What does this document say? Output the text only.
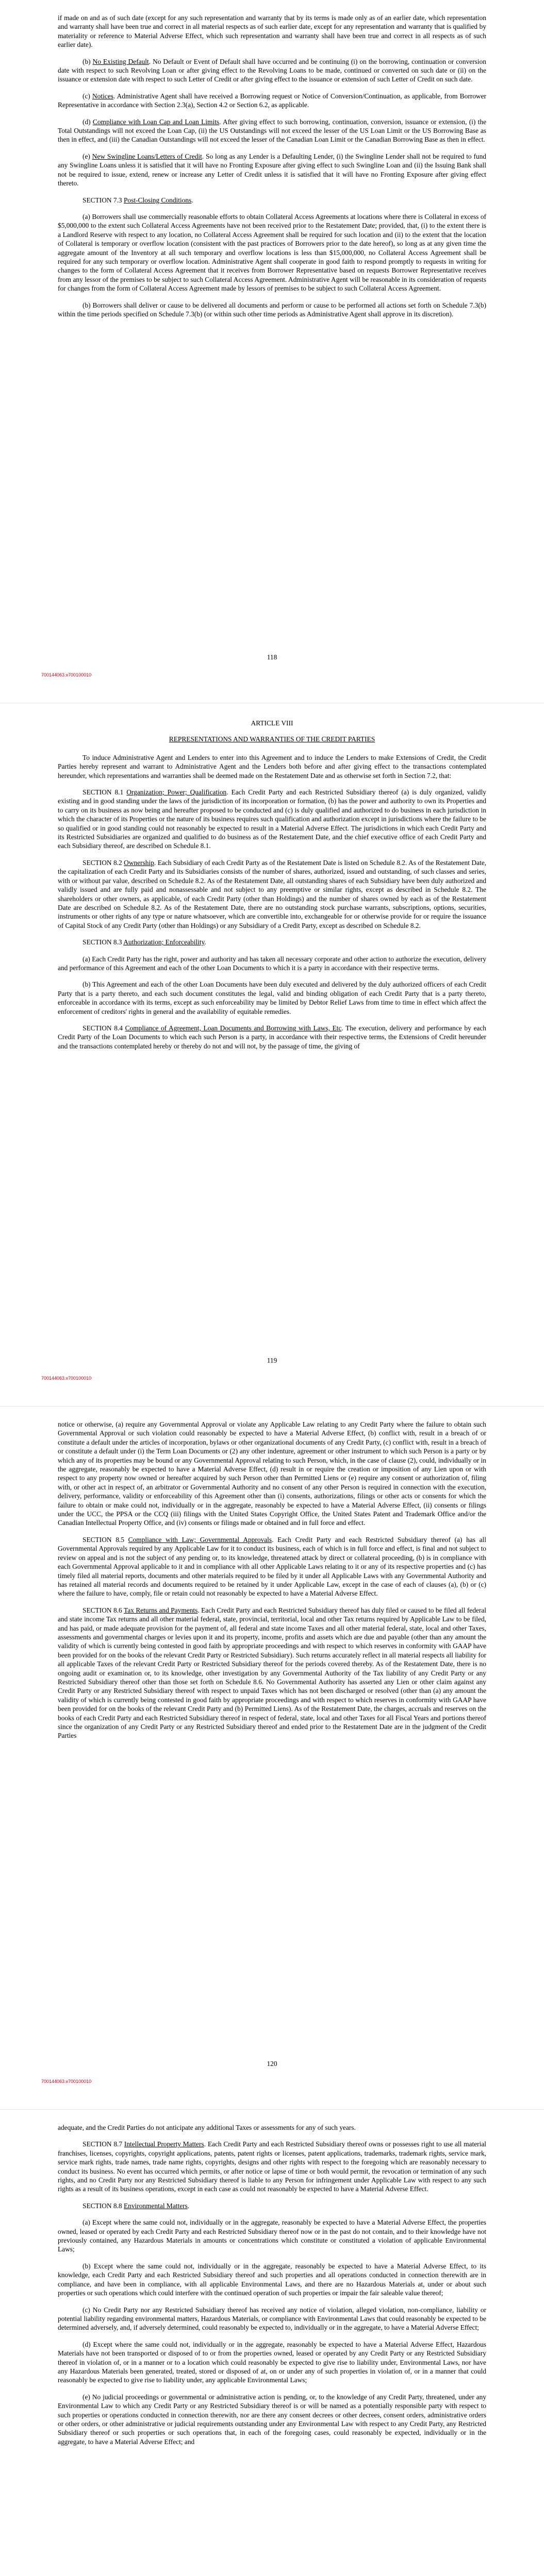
if made on and as of such date (except for any such representation and warranty that by its terms is made only as of an earlier date, which representation and warranty shall have been true and correct in all material respects as of such earlier date, except for any representation and warranty that is qualified by materiality or reference to Material Adverse Effect, which such representation and warranty shall have been true and correct in all respects as of such earlier date).

(b) No Existing Default. No Default or Event of Default shall have occurred and be continuing (i) on the borrowing, continuation or conversion date with respect to such Revolving Loan or after giving effect to the Revolving Loans to be made, continued or converted on such date or (ii) on the issuance or extension date with respect to such Letter of Credit or after giving effect to the issuance or extension of such Letter of Credit on such date.

(c) Notices. Administrative Agent shall have received a Borrowing request or Notice of Conversion/Continuation, as applicable, from Borrower Representative in accordance with Section 2.3(a), Section 4.2 or Section 6.2, as applicable.

(d) Compliance with Loan Cap and Loan Limits. After giving effect to such borrowing, continuation, conversion, issuance or extension, (i) the Total Outstandings will not exceed the Loan Cap, (ii) the US Outstandings will not exceed the lesser of the US Loan Limit or the US Borrowing Base as then in effect, and (iii) the Canadian Outstandings will not exceed the lesser of the Canadian Loan Limit or the Canadian Borrowing Base as then in effect.

(e) New Swingline Loans/Letters of Credit. So long as any Lender is a Defaulting Lender, (i) the Swingline Lender shall not be required to fund any Swingline Loans unless it is satisfied that it will have no Fronting Exposure after giving effect to such Swingline Loan and (ii) the Issuing Bank shall not be required to issue, extend, renew or increase any Letter of Credit unless it is satisfied that it will have no Fronting Exposure after giving effect thereto.

SECTION 7.3 Post-Closing Conditions.

(a) Borrowers shall use commercially reasonable efforts to obtain Collateral Access Agreements at locations where there is Collateral in excess of $5,000,000 to the extent such Collateral Access Agreements have not been received prior to the Restatement Date; provided, that, (i) to the extent there is a Landlord Reserve with respect to any location, no Collateral Access Agreement shall be required for such location and (ii) to the extent that the location of Collateral is temporary or overflow location (consistent with the past practices of Borrowers prior to the date hereof), so long as at any given time the aggregate amount of the Inventory at all such temporary and overflow locations is less than $15,000,000, no Collateral Access Agreement shall be required for any such temporary or overflow location. Administrative Agent shall cooperate in good faith to respond promptly to requests in writing for changes to the form of Collateral Access Agreement that it receives from Borrower Representative based on requests Borrower Representative receives from any lessor of the premises to be subject to such Collateral Access Agreement. Administrative Agent will be reasonable in its consideration of requests for changes from the form of Collateral Access Agreement made by lessors of premises to be subject to such Collateral Access Agreement.

(b) Borrowers shall deliver or cause to be delivered all documents and perform or cause to be performed all actions set forth on Schedule 7.3(b) within the time periods specified on Schedule 7.3(b) (or within such other time periods as Administrative Agent shall approve in its discretion).

ARTICLE VIII
REPRESENTATIONS AND WARRANTIES OF THE CREDIT PARTIES

To induce Administrative Agent and Lenders to enter into this Agreement and to induce the Lenders to make Extensions of Credit, the Credit Parties hereby represent and warrant to Administrative Agent and the Lenders both before and after giving effect to the transactions contemplated hereunder, which representations and warranties shall be deemed made on the Restatement Date and as otherwise set forth in Section 7.2, that:

SECTION 8.1 Organization; Power; Qualification. Each Credit Party and each Restricted Subsidiary thereof (a) is duly organized, validly existing and in good standing under the laws of the jurisdiction of its incorporation or formation, (b) has the power and authority to own its Properties and to carry on its business as now being and hereafter proposed to be conducted and (c) is duly qualified and authorized to do business in each jurisdiction in which the character of its Properties or the nature of its business requires such qualification and authorization except in jurisdictions where the failure to be so qualified or in good standing could not reasonably be expected to result in a Material Adverse Effect. The jurisdictions in which each Credit Party and its Restricted Subsidiaries are organized and qualified to do business as of the Restatement Date, and the chief executive office of each Credit Party and each Subsidiary thereof, are described on Schedule 8.1.

SECTION 8.2 Ownership. Each Subsidiary of each Credit Party as of the Restatement Date is listed on Schedule 8.2. As of the Restatement Date, the capitalization of each Credit Party and its Subsidiaries consists of the number of shares, authorized, issued and outstanding, of such classes and series, with or without par value, described on Schedule 8.2. As of the Restatement Date, all outstanding shares of each Subsidiary have been duly authorized and validly issued and are fully paid and nonassessable and not subject to any preemptive or similar rights, except as described in Schedule 8.2. The shareholders or other owners, as applicable, of each Credit Party (other than Holdings) and the number of shares owned by each as of the Restatement Date are described on Schedule 8.2. As of the Restatement Date, there are no outstanding stock purchase warrants, subscriptions, options, securities, instruments or other rights of any type or nature whatsoever, which are convertible into, exchangeable for or otherwise provide for or require the issuance of Capital Stock of any Credit Party (other than Holdings) or any Subsidiary of a Credit Party, except as described on Schedule 8.2.

SECTION 8.3 Authorization; Enforceability.

(a) Each Credit Party has the right, power and authority and has taken all necessary corporate and other action to authorize the execution, delivery and performance of this Agreement and each of the other Loan Documents to which it is a party in accordance with their respective terms.

(b) This Agreement and each of the other Loan Documents have been duly executed and delivered by the duly authorized officers of each Credit Party that is a party thereto, and each such document constitutes the legal, valid and binding obligation of each Credit Party that is a party thereto, enforceable in accordance with its terms, except as such enforceability may be limited by Debtor Relief Laws from time to time in effect which affect the enforcement of creditors' rights in general and the availability of equitable remedies.

SECTION 8.4 Compliance of Agreement, Loan Documents and Borrowing with Laws, Etc. The execution, delivery and performance by each Credit Party of the Loan Documents to which each such Person is a party, in accordance with their respective terms, the Extensions of Credit hereunder and the transactions contemplated hereby or thereby do not and will not, by the passage of time, the giving of

notice or otherwise, (a) require any Governmental Approval or violate any Applicable Law relating to any Credit Party where the failure to obtain such Governmental Approval or such violation could reasonably be expected to have a Material Adverse Effect, (b) conflict with, result in a breach of or constitute a default under the articles of incorporation, bylaws or other organizational documents of any Credit Party, (c) conflict with, result in a breach of or constitute a default under (i) the Term Loan Documents or (2) any other indenture, agreement or other instrument to which such Person is a party or by which any of its properties may be bound or any Governmental Approval relating to such Person, which, in the case of clause (2), could, individually or in the aggregate, reasonably be expected to have a Material Adverse Effect, (d) result in or require the creation or imposition of any Lien upon or with respect to any property now owned or hereafter acquired by such Person other than Permitted Liens or (e) require any consent or authorization of, filing with, or other act in respect of, an arbitrator or Governmental Authority and no consent of any other Person is required in connection with the execution, delivery, performance, validity or enforceability of this Agreement other than (i) consents, authorizations, filings or other acts or consents for which the failure to obtain or make could not, individually or in the aggregate, reasonably be expected to have a Material Adverse Effect, (ii) consents or filings under the UCC, the PPSA or the CCQ (iii) filings with the United States Copyright Office, the United States Patent and Trademark Office and/or the Canadian Intellectual Property Office, and (iv) consents or filings made or obtained and in full force and effect.

SECTION 8.5 Compliance with Law; Governmental Approvals. Each Credit Party and each Restricted Subsidiary thereof (a) has all Governmental Approvals required by any Applicable Law for it to conduct its business, each of which is in full force and effect, is final and not subject to review on appeal and is not the subject of any pending or, to its knowledge, threatened attack by direct or collateral proceeding, (b) is in compliance with each Governmental Approval applicable to it and in compliance with all other Applicable Laws relating to it or any of its respective properties and (c) has timely filed all material reports, documents and other materials required to be filed by it under all Applicable Laws with any Governmental Authority and has retained all material records and documents required to be retained by it under Applicable Law, except in the case of each of clauses (a), (b) or (c) where the failure to have, comply, file or retain could not reasonably be expected to have a Material Adverse Effect.

SECTION 8.6 Tax Returns and Payments. Each Credit Party and each Restricted Subsidiary thereof has duly filed or caused to be filed all federal and state income Tax returns and all other material federal, state, provincial, territorial, local and other Tax returns required by Applicable Law to be filed, and has paid, or made adequate provision for the payment of, all federal and state income Taxes and all other material federal, state, local and other Taxes, assessments and governmental charges or levies upon it and its property, income, profits and assets which are due and payable (other than any amount the validity of which is currently being contested in good faith by appropriate proceedings and with respect to which reserves in conformity with GAAP have been provided for on the books of the relevant Credit Party or Restricted Subsidiary). Such returns accurately reflect in all material respects all liability for all applicable Taxes of the relevant Credit Party or Restricted Subsidiary thereof for the periods covered thereby. As of the Restatement Date, there is no ongoing audit or examination or, to its knowledge, other investigation by any Governmental Authority of the Tax liability of any Credit Party or any Restricted Subsidiary thereof other than those set forth on Schedule 8.6. No Governmental Authority has asserted any Lien or other claim against any Credit Party or any Restricted Subsidiary thereof with respect to unpaid Taxes which has not been discharged or resolved (other than (a) any amount the validity of which is currently being contested in good faith by appropriate proceedings and with respect to which reserves in conformity with GAAP have been provided for on the books of the relevant Credit Party and (b) Permitted Liens). As of the Restatement Date, the charges, accruals and reserves on the books of each Credit Party and each Restricted Subsidiary thereof in respect of federal, state, local and other Taxes for all Fiscal Years and portions thereof since the organization of any Credit Party or any Restricted Subsidiary thereof and ended prior to the Restatement Date are in the judgment of the Credit Parties

adequate, and the Credit Parties do not anticipate any additional Taxes or assessments for any of such years.

SECTION 8.7 Intellectual Property Matters. Each Credit Party and each Restricted Subsidiary thereof owns or possesses right to use all material franchises, licenses, copyrights, copyright applications, patents, patent rights or licenses, patent applications, trademarks, trademark rights, service mark, service mark rights, trade names, trade name rights, copyrights, designs and other rights with respect to the foregoing which are reasonably necessary to conduct its business. No event has occurred which permits, or after notice or lapse of time or both would permit, the revocation or termination of any such rights, and no Credit Party nor any Restricted Subsidiary thereof is liable to any Person for infringement under Applicable Law with respect to any such rights as a result of its business operations, except in each case as could not reasonably be expected to have a Material Adverse Effect.

SECTION 8.8 Environmental Matters.

(a) Except where the same could not, individually or in the aggregate, reasonably be expected to have a Material Adverse Effect, the properties owned, leased or operated by each Credit Party and each Restricted Subsidiary thereof now or in the past do not contain, and to their knowledge have not previously contained, any Hazardous Materials in amounts or concentrations which constitute or constituted a violation of applicable Environmental Laws;

(b) Except where the same could not, individually or in the aggregate, reasonably be expected to have a Material Adverse Effect, to its knowledge, each Credit Party and each Restricted Subsidiary thereof and such properties and all operations conducted in connection therewith are in compliance, and have been in compliance, with all applicable Environmental Laws, and there are no Hazardous Materials at, under or about such properties or such operations which could interfere with the continued operation of such properties or impair the fair saleable value thereof;

(c) No Credit Party nor any Restricted Subsidiary thereof has received any notice of violation, alleged violation, non-compliance, liability or potential liability regarding environmental matters, Hazardous Materials, or compliance with Environmental Laws that could reasonably be expected to be determined adversely, and, if adversely determined, could reasonably be expected to, individually or in the aggregate, to have a Material Adverse Effect;

(d) Except where the same could not, individually or in the aggregate, reasonably be expected to have a Material Adverse Effect, Hazardous Materials have not been transported or disposed of to or from the properties owned, leased or operated by any Credit Party or any Restricted Subsidiary thereof in violation of, or in a manner or to a location which could reasonably be expected to give rise to liability under, Environmental Laws, nor have any Hazardous Materials been generated, treated, stored or disposed of at, on or under any of such properties in violation of, or in a manner that could reasonably be expected to give rise to liability under, any applicable Environmental Laws;

(e) No judicial proceedings or governmental or administrative action is pending, or, to the knowledge of any Credit Party, threatened, under any Environmental Law to which any Credit Party or any Restricted Subsidiary thereof is or will be named as a potentially responsible party with respect to such properties or operations conducted in connection therewith, nor are there any consent decrees or other decrees, consent orders, administrative orders or other orders, or other administrative or judicial requirements outstanding under any Environmental Law with respect to any Credit Party, any Restricted Subsidiary thereof or such properties or such operations that, in each of the foregoing cases, could reasonably be expected, individually or in the aggregate, to have a Material Adverse Effect; and

118
700144063.v700100010
119
700144063.v700100010
120
700144063.v700100010
